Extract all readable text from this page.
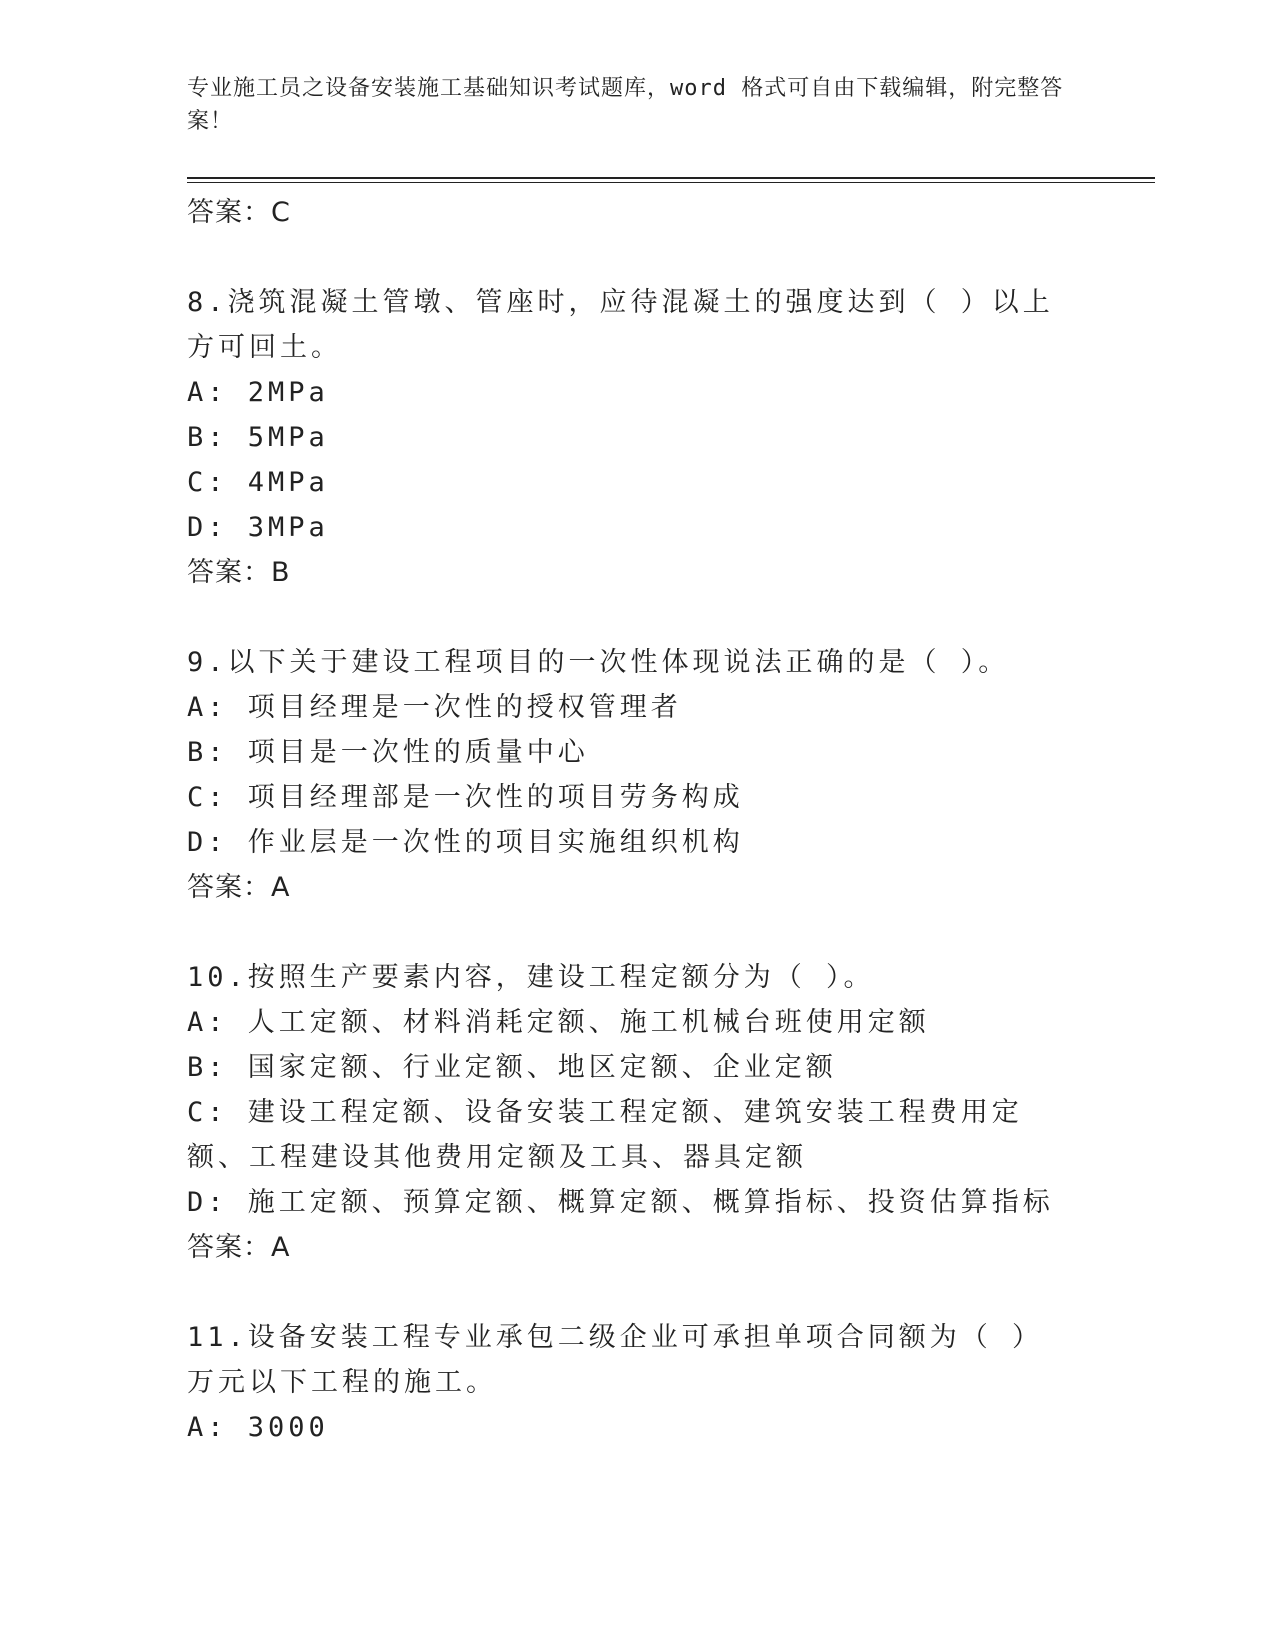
专业施工员之设备安装施工基础知识考试题库，word 格式可自由下载编辑，附完整答案！
答案：C
8.浇筑混凝土管墩、管座时，应待混凝土的强度达到（ ）以上方可回土。
A: 2MPa
B: 5MPa
C: 4MPa
D: 3MPa
答案：B
9.以下关于建设工程项目的一次性体现说法正确的是（ ）。
A: 项目经理是一次性的授权管理者
B: 项目是一次性的质量中心
C: 项目经理部是一次性的项目劳务构成
D: 作业层是一次性的项目实施组织机构
答案：A
10.按照生产要素内容，建设工程定额分为（ ）。
A: 人工定额、材料消耗定额、施工机械台班使用定额
B: 国家定额、行业定额、地区定额、企业定额
C: 建设工程定额、设备安装工程定额、建筑安装工程费用定额、工程建设其他费用定额及工具、器具定额
D: 施工定额、预算定额、概算定额、概算指标、投资估算指标
答案：A
11.设备安装工程专业承包二级企业可承担单项合同额为（ ）万元以下工程的施工。
A: 3000
